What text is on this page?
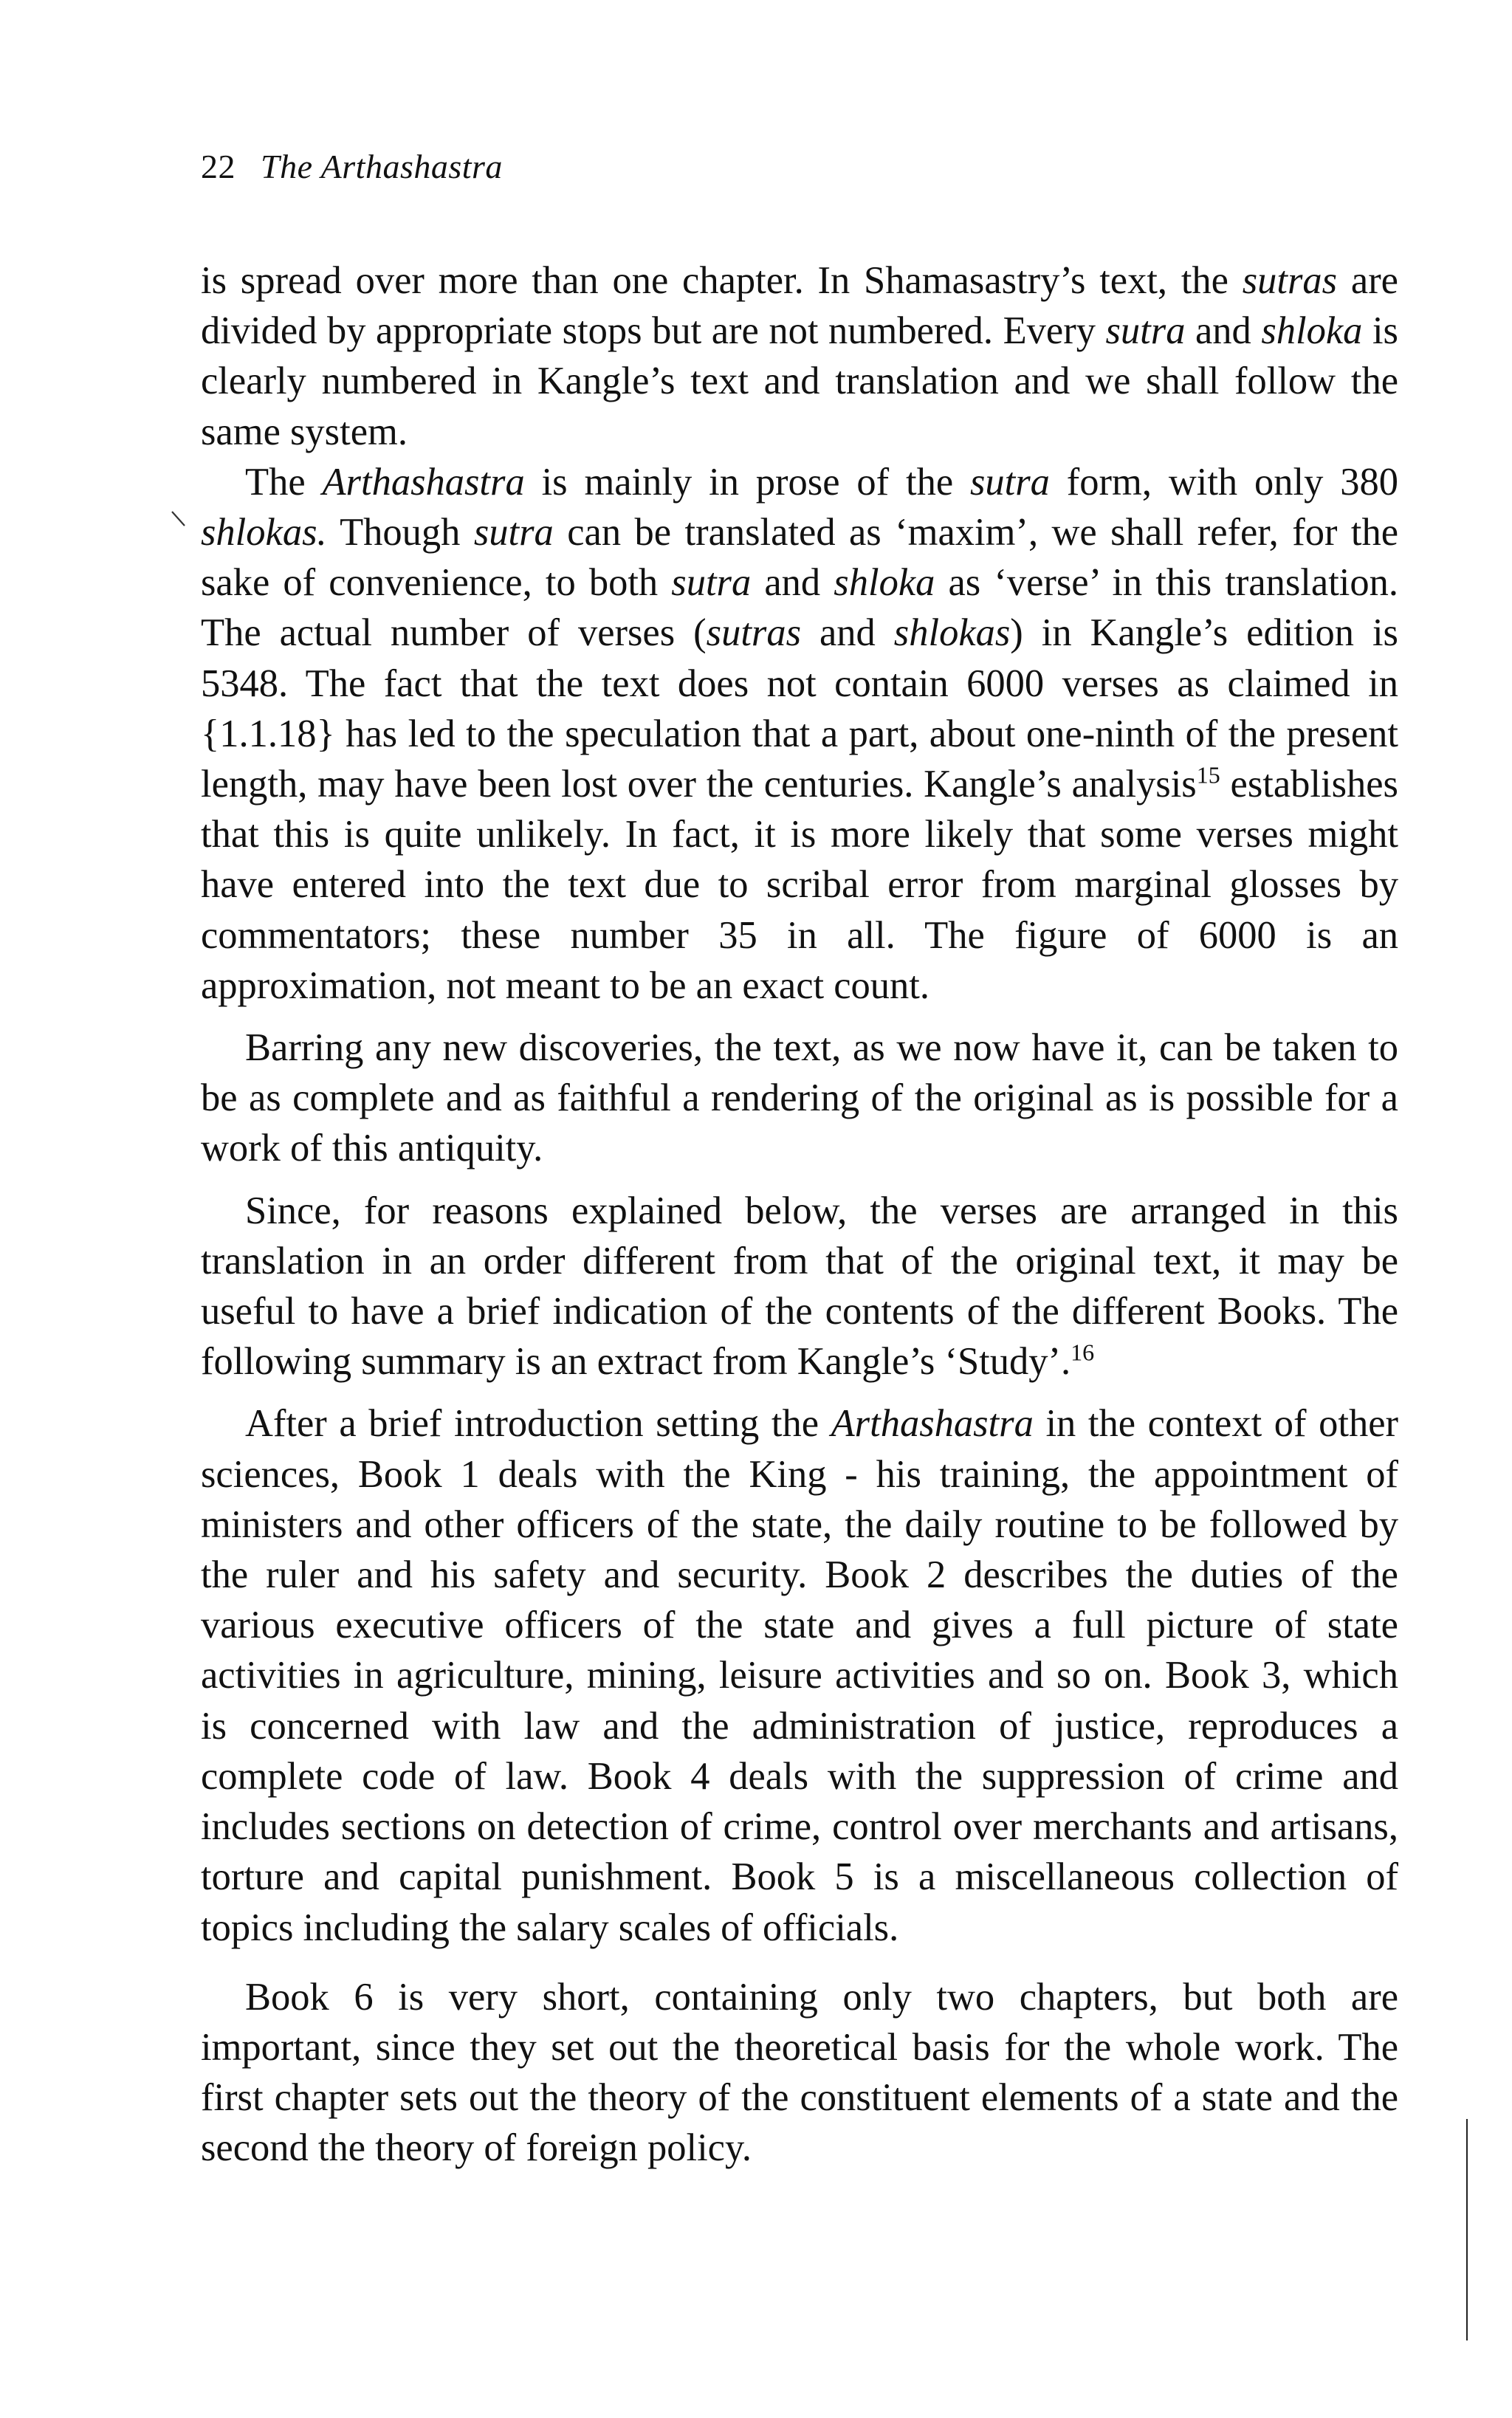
22 The Arthashastra

is spread over more than one chapter. In Shamasastry’s text, the sutras are divided by appropriate stops but are not numbered. Every sutra and shloka is clearly numbered in Kangle’s text and translation and we shall follow the same system.

The Arthashastra is mainly in prose of the sutra form, with only 380 shlokas. Though sutra can be translated as ‘maxim’, we shall refer, for the sake of convenience, to both sutra and shloka as ‘verse’ in this translation. The actual number of verses (sutras and shlokas) in Kangle’s edition is 5348. The fact that the text does not contain 6000 verses as claimed in {1.1.18} has led to the speculation that a part, about one-ninth of the present length, may have been lost over the centuries. Kangle’s analysis$^{15}$ establishes that this is quite unlikely. In fact, it is more likely that some verses might have entered into the text due to scribal error from marginal glosses by commentators; these number 35 in all. The figure of 6000 is an approximation, not meant to be an exact count.

Barring any new discoveries, the text, as we now have it, can be taken to be as complete and as faithful a rendering of the original as is possible for a work of this antiquity.

Since, for reasons explained below, the verses are arranged in this translation in an order different from that of the original text, it may be useful to have a brief indication of the contents of the different Books. The following summary is an extract from Kangle’s ‘Study’.$^{16}$

After a brief introduction setting the Arthashastra in the context of other sciences, Book 1 deals with the King - his training, the appointment of ministers and other officers of the state, the daily routine to be followed by the ruler and his safety and security. Book 2 describes the duties of the various executive officers of the state and gives a full picture of state activities in agriculture, mining, leisure activities and so on. Book 3, which is concerned with law and the administration of justice, reproduces a complete code of law. Book 4 deals with the suppression of crime and includes sections on detection of crime, control over merchants and artisans, torture and capital punishment. Book 5 is a miscellaneous collection of topics including the salary scales of officials.

Book 6 is very short, containing only two chapters, but both are important, since they set out the theoretical basis for the whole work. The first chapter sets out the theory of the constituent elements of a state and the second the theory of foreign policy.
